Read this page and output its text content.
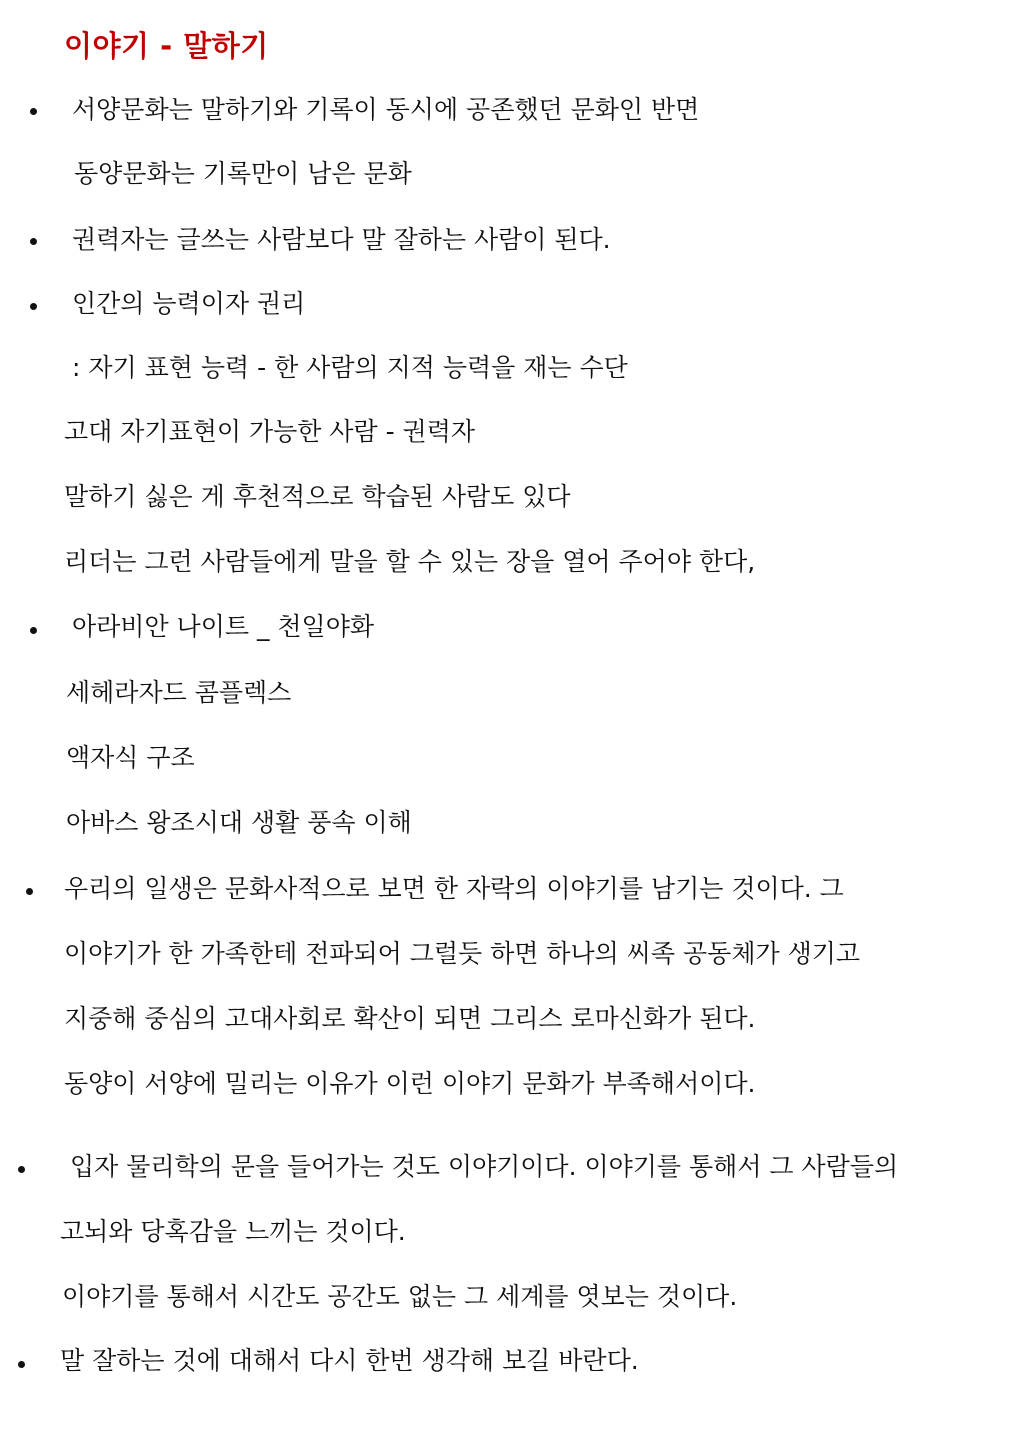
이야기 - 말하기
서양문화는 말하기와 기록이 동시에 공존했던 문화인 반면
동양문화는 기록만이 남은 문화
권력자는 글쓰는 사람보다 말 잘하는 사람이 된다.
인간의 능력이자 권리
: 자기 표현 능력 - 한 사람의 지적 능력을 재는 수단
고대 자기표현이 가능한 사람 - 권력자
말하기 싫은 게 후천적으로 학습된 사람도 있다
리더는 그런 사람들에게 말을 할 수 있는 장을 열어 주어야 한다,
아라비안 나이트 _ 천일야화
세헤라자드 콤플렉스
액자식 구조
아바스 왕조시대 생활 풍속 이해
우리의 일생은 문화사적으로 보면 한 자락의 이야기를 남기는 것이다. 그
이야기가 한 가족한테 전파되어 그럴듯 하면 하나의 씨족 공동체가 생기고
지중해 중심의 고대사회로 확산이 되면 그리스 로마신화가 된다.
동양이 서양에 밀리는 이유가 이런 이야기 문화가 부족해서이다.
입자 물리학의 문을 들어가는 것도 이야기이다. 이야기를 통해서 그 사람들의
고뇌와 당혹감을 느끼는 것이다.
이야기를 통해서 시간도 공간도 없는 그 세계를 엿보는 것이다.
말 잘하는 것에 대해서 다시 한번 생각해 보길 바란다.
